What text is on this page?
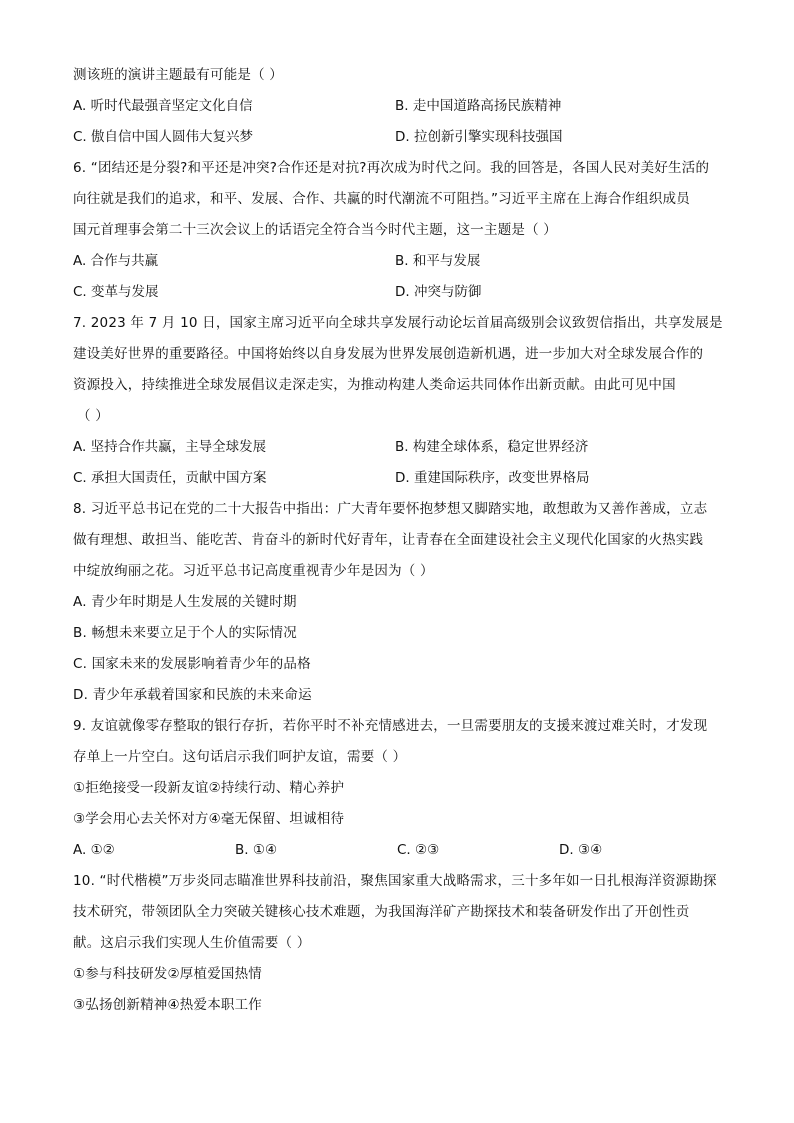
测该班的演讲主题最有可能是（ ）
A. 听时代最强音坚定文化自信	B. 走中国道路高扬民族精神
C. 傲自信中国人圆伟大复兴梦	D. 拉创新引擎实现科技强国
6. “团结还是分裂?和平还是冲突?合作还是对抗?再次成为时代之问。我的回答是，各国人民对美好生活的
向往就是我们的追求，和平、发展、合作、共赢的时代潮流不可阻挡。”习近平主席在上海合作组织成员
国元首理事会第二十三次会议上的话语完全符合当今时代主题，这一主题是（ ）
A. 合作与共赢	B. 和平与发展
C. 变革与发展	D. 冲突与防御
7. 2023 年 7 月 10 日，国家主席习近平向全球共享发展行动论坛首届高级别会议致贺信指出，共享发展是
建设美好世界的重要路径。中国将始终以自身发展为世界发展创造新机遇，进一步加大对全球发展合作的
资源投入，持续推进全球发展倡议走深走实，为推动构建人类命运共同体作出新贡献。由此可见中国
（ ）
A. 坚持合作共赢，主导全球发展	B. 构建全球体系，稳定世界经济
C. 承担大国责任，贡献中国方案	D. 重建国际秩序，改变世界格局
8. 习近平总书记在党的二十大报告中指出：广大青年要怀抱梦想又脚踏实地，敢想敢为又善作善成，立志
做有理想、敢担当、能吃苦、肯奋斗的新时代好青年，让青春在全面建设社会主义现代化国家的火热实践
中绽放绚丽之花。习近平总书记高度重视青少年是因为（ ）
A. 青少年时期是人生发展的关键时期
B. 畅想未来要立足于个人的实际情况
C. 国家未来的发展影响着青少年的品格
D. 青少年承载着国家和民族的未来命运
9. 友谊就像零存整取的银行存折，若你平时不补充情感进去，一旦需要朋友的支援来渡过难关时，才发现
存单上一片空白。这句话启示我们呵护友谊，需要（ ）
①拒绝接受一段新友谊②持续行动、精心养护
③学会用心去关怀对方④毫无保留、坦诚相待
A. ①②	B. ①④	C. ②③	D. ③④
10. “时代楷模”万步炎同志瞄准世界科技前沿，聚焦国家重大战略需求，三十多年如一日扎根海洋资源勘探
技术研究，带领团队全力突破关键核心技术难题，为我国海洋矿产勘探技术和装备研发作出了开创性贡
献。这启示我们实现人生价值需要（ ）
①参与科技研发②厚植爱国热情
③弘扬创新精神④热爱本职工作
